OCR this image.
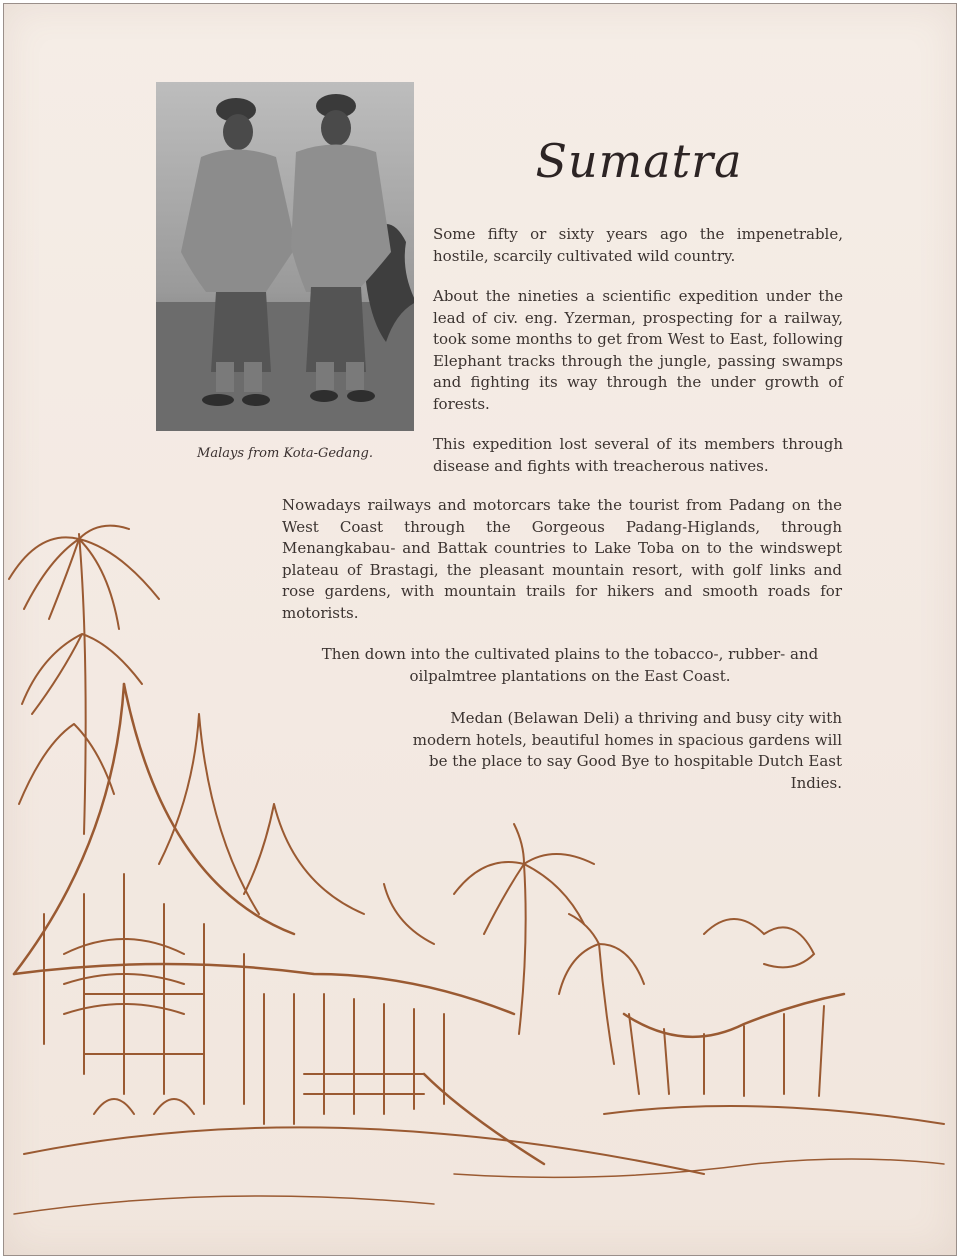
Malays from Kota-Gedang.
Sumatra

Some fifty or sixty years ago the impenetrable, hostile, scarcily cultivated wild country.

About the nineties a scientific expedition under the lead of civ. eng. Yzerman, prospecting for a railway, took some months to get from West to East, following Elephant tracks through the jungle, passing swamps and fighting its way through the under growth of forests.

This expedition lost several of its members through disease and fights with treacherous natives.

Nowadays railways and motorcars take the tourist from Padang on the West Coast through the Gorgeous Padang-Higlands, through Menangkabau- and Battak countries to Lake Toba on to the windswept plateau of Brastagi, the pleasant mountain resort, with golf links and rose gardens, with mountain trails for hikers and smooth roads for motorists.

Then down into the cultivated plains to the tobacco-, rubber- and oilpalmtree plantations on the East Coast.

Medan (Belawan Deli) a thriving and busy city with modern hotels, beautiful homes in spacious gardens will be the place to say Good Bye to hospitable Dutch East Indies.
